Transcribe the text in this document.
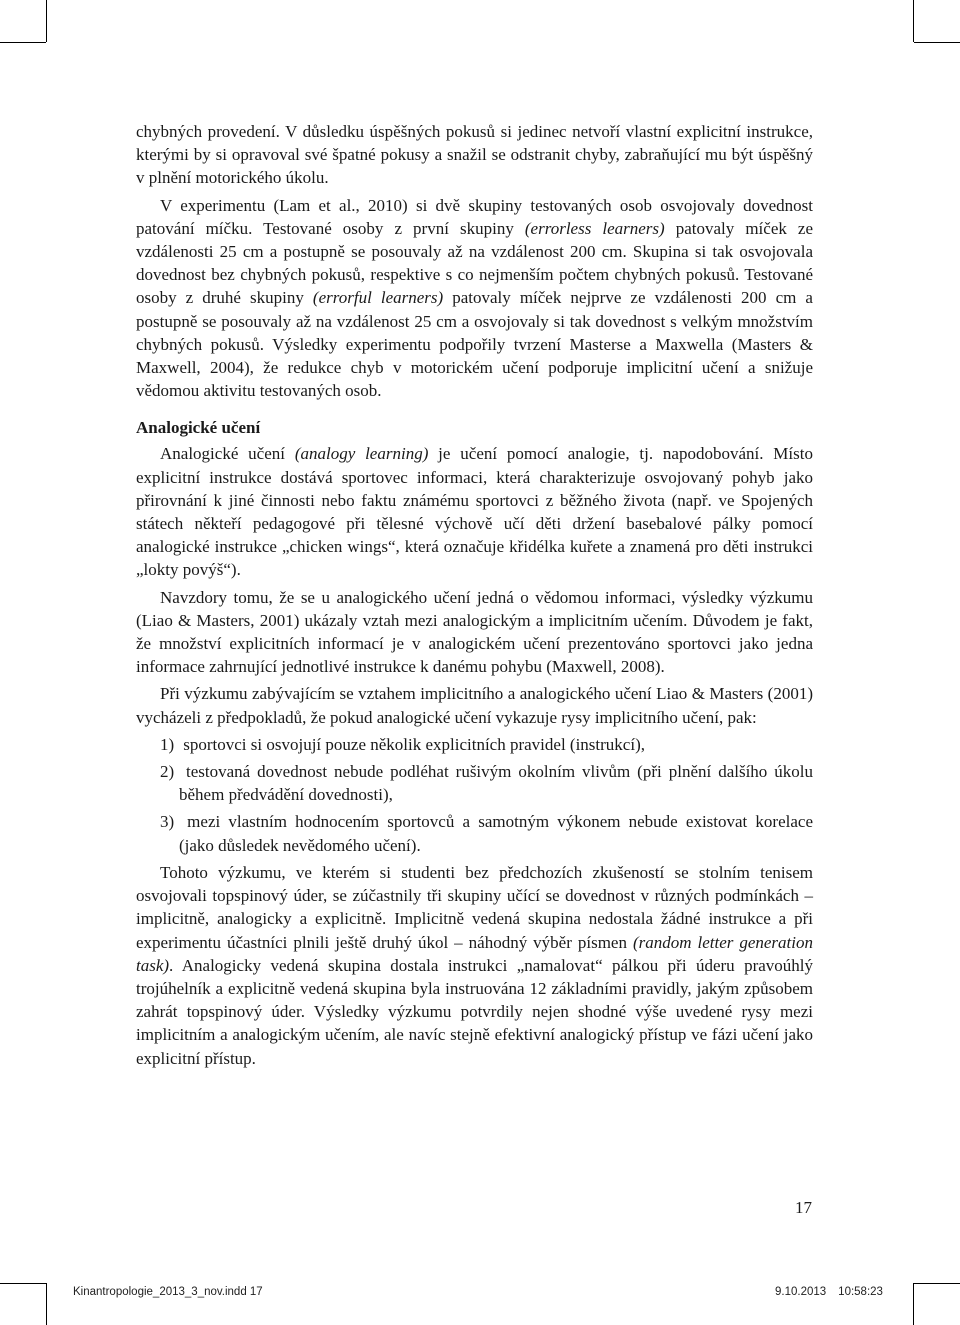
chybných provedení. V důsledku úspěšných pokusů si jedinec netvoří vlastní explicitní instrukce, kterými by si opravoval své špatné pokusy a snažil se odstranit chyby, zabraňující mu být úspěšný v plnění motorického úkolu.

V experimentu (Lam et al., 2010) si dvě skupiny testovaných osob osvojovaly dovednost patování míčku. Testované osoby z první skupiny (errorless learners) patovaly míček ze vzdálenosti 25 cm a postupně se posouvaly až na vzdálenost 200 cm. Skupina si tak osvojovala dovednost bez chybných pokusů, respektive s co nejmenším počtem chybných pokusů. Testované osoby z druhé skupiny (errorful learners) patovaly míček nejprve ze vzdálenosti 200 cm a postupně se posouvaly až na vzdálenost 25 cm a osvojovaly si tak dovednost s velkým množstvím chybných pokusů. Výsledky experimentu podpořily tvrzení Masterse a Maxwella (Masters & Maxwell, 2004), že redukce chyb v motorickém učení podporuje implicitní učení a snižuje vědomou aktivitu testovaných osob.

Analogické učení

Analogické učení (analogy learning) je učení pomocí analogie, tj. napodobování. Místo explicitní instrukce dostává sportovec informaci, která charakterizuje osvojovaný pohyb jako přirovnání k jiné činnosti nebo faktu známému sportovci z běžného života (např. ve Spojených státech někteří pedagogové při tělesné výchově učí děti držení basebalové pálky pomocí analogické instrukce „chicken wings“, která označuje křidélka kuřete a znamená pro děti instrukci „lokty povýš“).

Navzdory tomu, že se u analogického učení jedná o vědomou informaci, výsledky výzkumu (Liao & Masters, 2001) ukázaly vztah mezi analogickým a implicitním učením. Důvodem je fakt, že množství explicitních informací je v analogickém učení prezentováno sportovci jako jedna informace zahrnující jednotlivé instrukce k danému pohybu (Maxwell, 2008).

Při výzkumu zabývajícím se vztahem implicitního a analogického učení Liao & Masters (2001) vycházeli z předpokladů, že pokud analogické učení vykazuje rysy implicitního učení, pak:

1) sportovci si osvojují pouze několik explicitních pravidel (instrukcí),
2) testovaná dovednost nebude podléhat rušivým okolním vlivům (při plnění dalšího úkolu během předvádění dovednosti),
3) mezi vlastním hodnocením sportovců a samotným výkonem nebude existovat korelace (jako důsledek nevědomého učení).

Tohoto výzkumu, ve kterém si studenti bez předchozích zkušeností se stolním tenisem osvojovali topspinový úder, se zúčastnily tři skupiny učící se dovednost v různých podmínkách – implicitně, analogicky a explicitně. Implicitně vedená skupina nedostala žádné instrukce a při experimentu účastníci plnili ještě druhý úkol – náhodný výběr písmen (random letter generation task). Analogicky vedená skupina dostala instrukci „namalovat“ pálkou při úderu pravoúhlý trojúhelník a explicitně vedená skupina byla instruována 12 základními pravidly, jakým způsobem zahrát topspinový úder. Výsledky výzkumu potvrdily nejen shodné výše uvedené rysy mezi implicitním a analogickým učením, ale navíc stejně efektivní analogický přístup ve fázi učení jako explicitní přístup.

17
Kinantropologie_2013_3_nov.indd 17	9.10.2013 10:58:23
